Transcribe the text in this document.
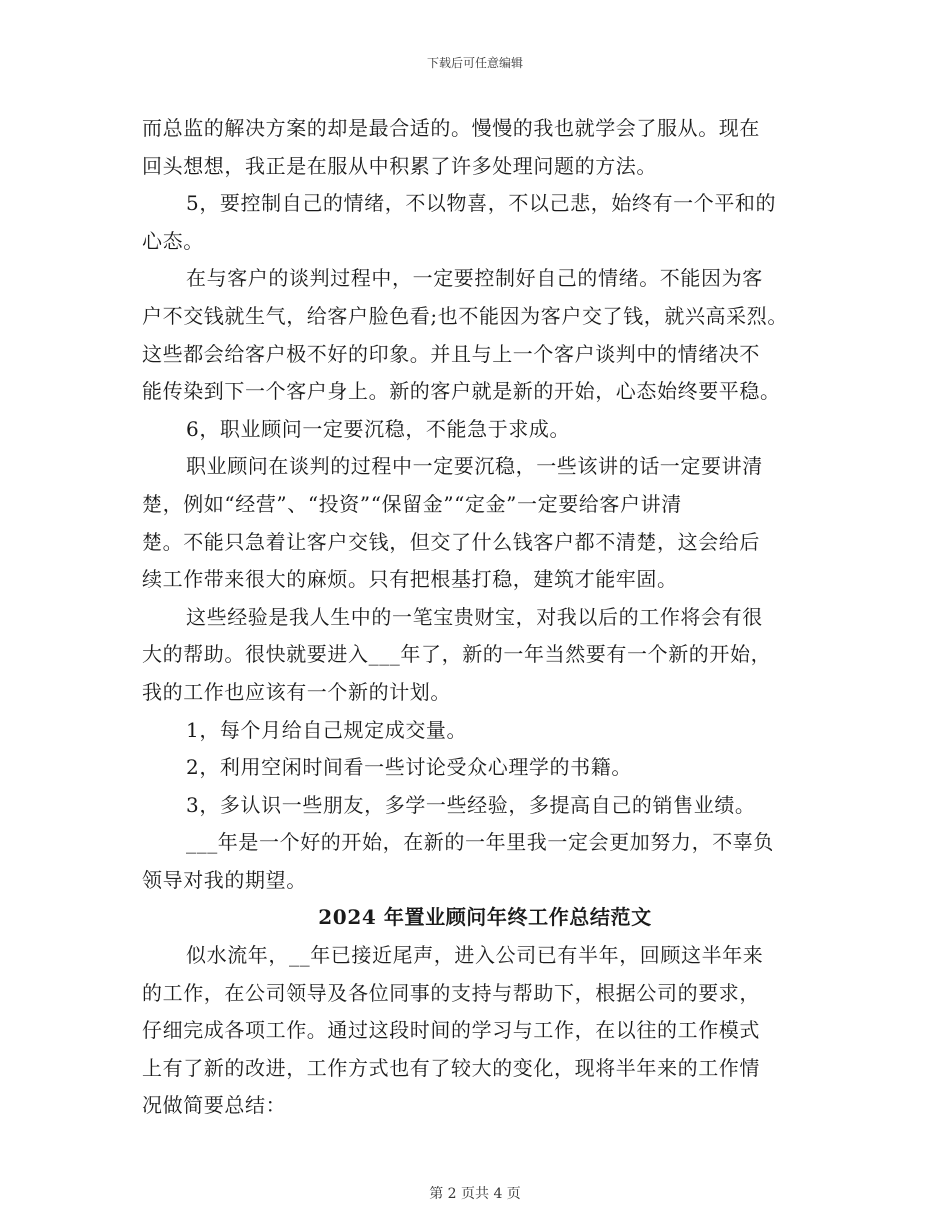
下载后可任意编辑
而总监的解决方案的却是最合适的。慢慢的我也就学会了服从。现在
回头想想，我正是在服从中积累了许多处理问题的方法。
5，要控制自己的情绪，不以物喜，不以己悲，始终有一个平和的
心态。
在与客户的谈判过程中，一定要控制好自己的情绪。不能因为客
户不交钱就生气，给客户脸色看;也不能因为客户交了钱，就兴高采烈。
这些都会给客户极不好的印象。并且与上一个客户谈判中的情绪决不
能传染到下一个客户身上。新的客户就是新的开始，心态始终要平稳。
6，职业顾问一定要沉稳，不能急于求成。
职业顾问在谈判的过程中一定要沉稳，一些该讲的话一定要讲清
楚，例如“经营”、“投资”“保留金”“定金”一定要给客户讲清
楚。不能只急着让客户交钱，但交了什么钱客户都不清楚，这会给后
续工作带来很大的麻烦。只有把根基打稳，建筑才能牢固。
这些经验是我人生中的一笔宝贵财宝，对我以后的工作将会有很
大的帮助。很快就要进入___年了，新的一年当然要有一个新的开始，
我的工作也应该有一个新的计划。
1，每个月给自己规定成交量。
2，利用空闲时间看一些讨论受众心理学的书籍。
3，多认识一些朋友，多学一些经验，多提高自己的销售业绩。
___年是一个好的开始，在新的一年里我一定会更加努力，不辜负
领导对我的期望。
2024 年置业顾问年终工作总结范文
似水流年，__年已接近尾声，进入公司已有半年，回顾这半年来
的工作，在公司领导及各位同事的支持与帮助下，根据公司的要求，
仔细完成各项工作。通过这段时间的学习与工作，在以往的工作模式
上有了新的改进，工作方式也有了较大的变化，现将半年来的工作情
况做简要总结：
第 2 页共 4 页
